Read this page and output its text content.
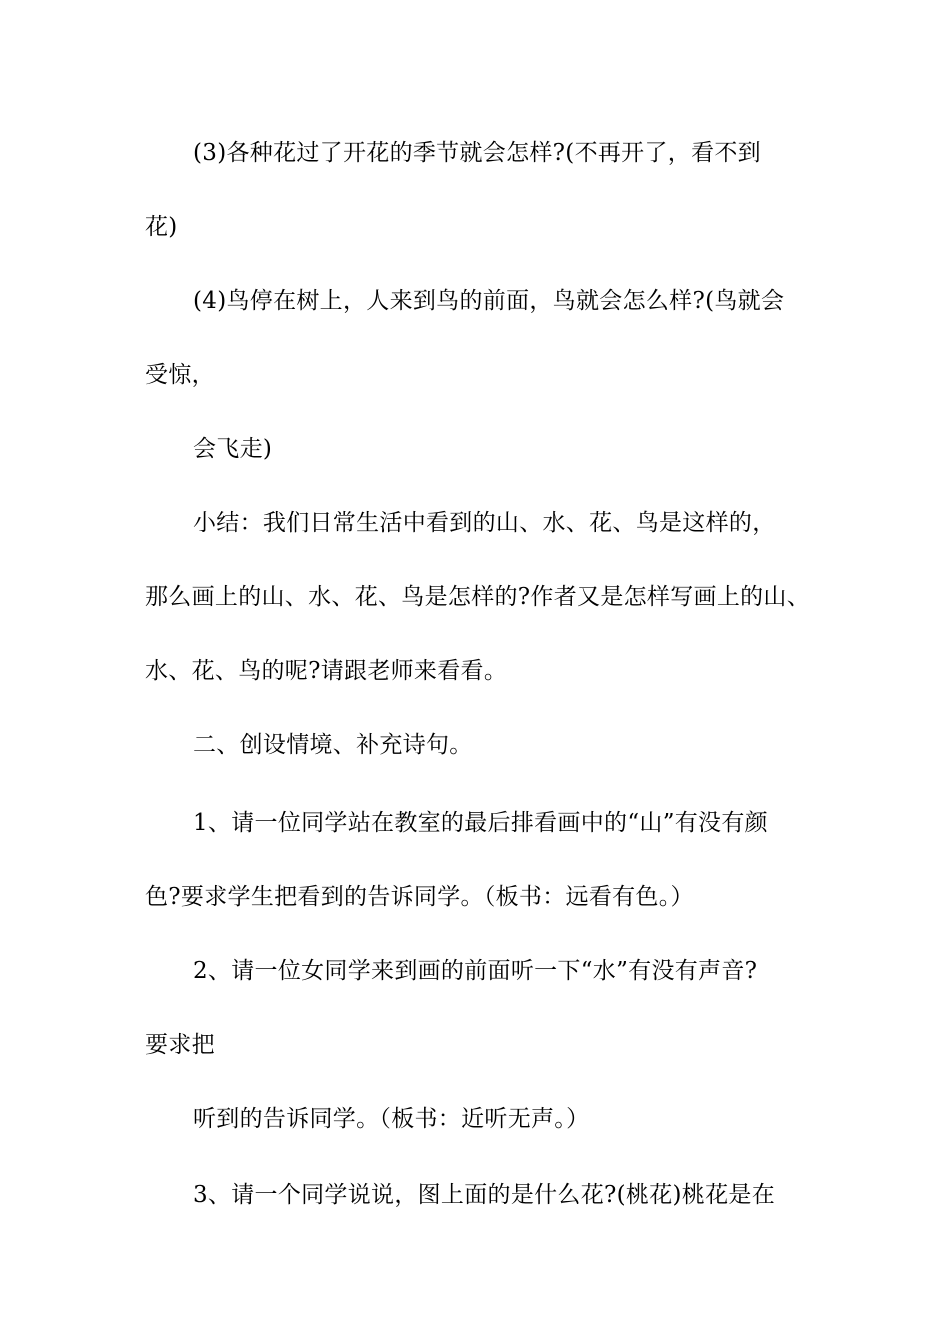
(3)各种花过了开花的季节就会怎样?(不再开了，看不到
花)
(4)鸟停在树上，人来到鸟的前面，鸟就会怎么样?(鸟就会
受惊，
会飞走)
小结：我们日常生活中看到的山、水、花、鸟是这样的，
那么画上的山、水、花、鸟是怎样的?作者又是怎样写画上的山、
水、花、鸟的呢?请跟老师来看看。
二、创设情境、补充诗句。
1、请一位同学站在教室的最后排看画中的“山”有没有颜
色?要求学生把看到的告诉同学。（板书：远看有色。）
2、请一位女同学来到画的前面听一下“水”有没有声音?
要求把
听到的告诉同学。（板书：近听无声。）
3、请一个同学说说，图上面的是什么花?(桃花)桃花是在
